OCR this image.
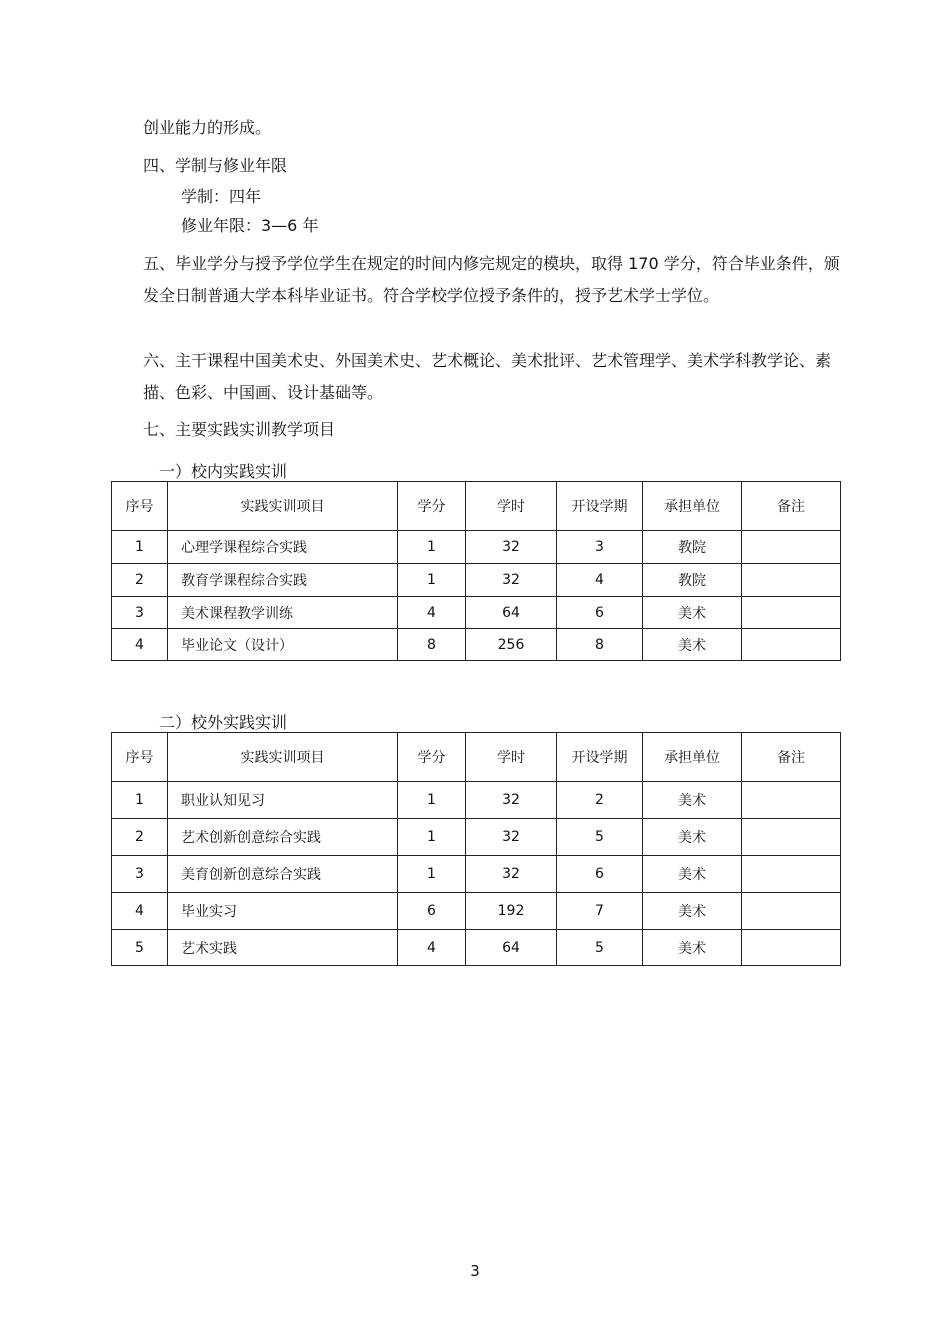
创业能力的形成。
四、学制与修业年限
学制：四年
修业年限：3—6 年
五、毕业学分与授予学位学生在规定的时间内修完规定的模块，取得 170 学分，符合毕业条件，颁发全日制普通大学本科毕业证书。符合学校学位授予条件的，授予艺术学士学位。
六、主干课程中国美术史、外国美术史、艺术概论、美术批评、艺术管理学、美术学科教学论、素描、色彩、中国画、设计基础等。
七、主要实践实训教学项目
一）校内实践实训
序号	实践实训项目	学分	学时	开设学期	承担单位	备注
1	心理学课程综合实践	1	32	3	教院	
2	教育学课程综合实践	1	32	4	教院	
3	美术课程教学训练	4	64	6	美术	
4	毕业论文（设计）	8	256	8	美术	
二）校外实践实训
序号	实践实训项目	学分	学时	开设学期	承担单位	备注
1	职业认知见习	1	32	2	美术	
2	艺术创新创意综合实践	1	32	5	美术	
3	美育创新创意综合实践	1	32	6	美术	
4	毕业实习	6	192	7	美术	
5	艺术实践	4	64	5	美术	
3
